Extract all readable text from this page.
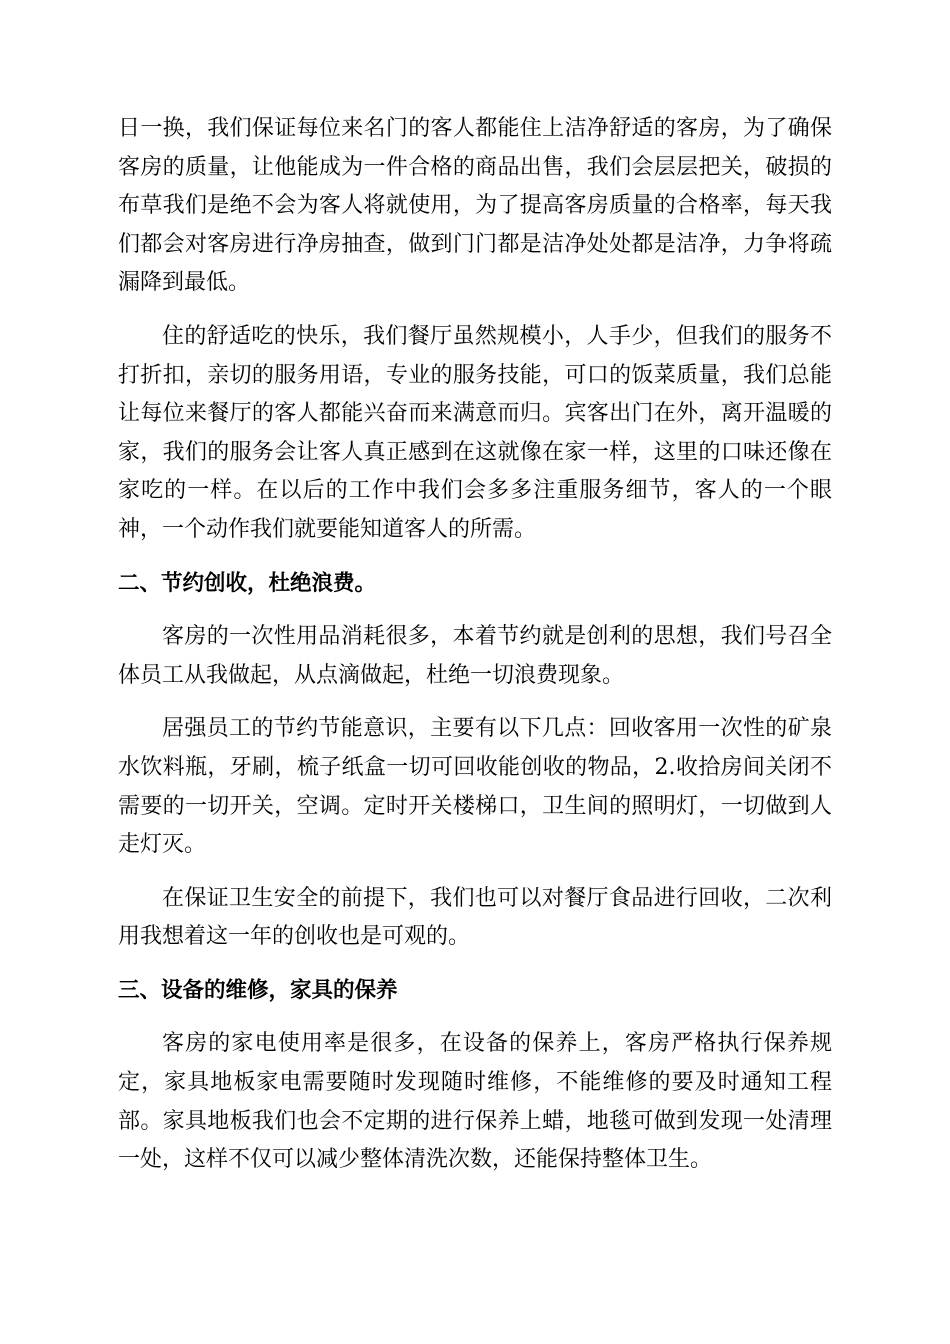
日一换，我们保证每位来名门的客人都能住上洁净舒适的客房，为了确保客房的质量，让他能成为一件合格的商品出售，我们会层层把关，破损的布草我们是绝不会为客人将就使用，为了提高客房质量的合格率，每天我们都会对客房进行净房抽查，做到门门都是洁净处处都是洁净，力争将疏漏降到最低。

住的舒适吃的快乐，我们餐厅虽然规模小，人手少，但我们的服务不打折扣，亲切的服务用语，专业的服务技能，可口的饭菜质量，我们总能让每位来餐厅的客人都能兴奋而来满意而归。宾客出门在外，离开温暖的家，我们的服务会让客人真正感到在这就像在家一样，这里的口味还像在家吃的一样。在以后的工作中我们会多多注重服务细节，客人的一个眼神，一个动作我们就要能知道客人的所需。

二、节约创收，杜绝浪费。

客房的一次性用品消耗很多，本着节约就是创利的思想，我们号召全体员工从我做起，从点滴做起，杜绝一切浪费现象。

居强员工的节约节能意识，主要有以下几点：回收客用一次性的矿泉水饮料瓶，牙刷，梳子纸盒一切可回收能创收的物品，2.收拾房间关闭不需要的一切开关，空调。定时开关楼梯口，卫生间的照明灯，一切做到人走灯灭。

在保证卫生安全的前提下，我们也可以对餐厅食品进行回收，二次利用我想着这一年的创收也是可观的。

三、设备的维修，家具的保养

客房的家电使用率是很多，在设备的保养上，客房严格执行保养规定，家具地板家电需要随时发现随时维修，不能维修的要及时通知工程部。家具地板我们也会不定期的进行保养上蜡，地毯可做到发现一处清理一处，这样不仅可以减少整体清洗次数，还能保持整体卫生。
